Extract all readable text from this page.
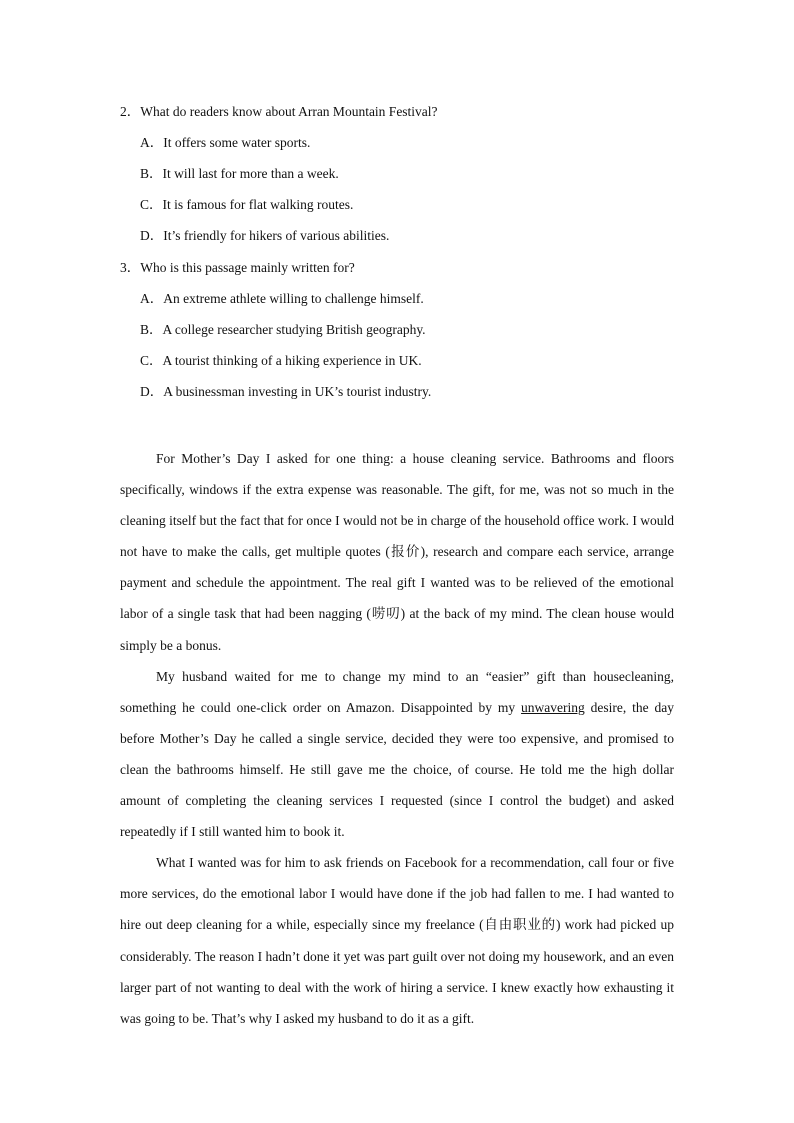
2．What do readers know about Arran Mountain Festival?
A．It offers some water sports.
B．It will last for more than a week.
C．It is famous for flat walking routes.
D．It’s friendly for hikers of various abilities.
3．Who is this passage mainly written for?
A．An extreme athlete willing to challenge himself.
B．A college researcher studying British geography.
C．A tourist thinking of a hiking experience in UK.
D．A businessman investing in UK’s tourist industry.

For Mother’s Day I asked for one thing: a house cleaning service. Bathrooms and floors specifically, windows if the extra expense was reasonable. The gift, for me, was not so much in the cleaning itself but the fact that for once I would not be in charge of the household office work. I would not have to make the calls, get multiple quotes (报价), research and compare each service, arrange payment and schedule the appointment. The real gift I wanted was to be relieved of the emotional labor of a single task that had been nagging (唠叨) at the back of my mind. The clean house would simply be a bonus.

My husband waited for me to change my mind to an “easier” gift than housecleaning, something he could one-click order on Amazon. Disappointed by my unwavering desire, the day before Mother’s Day he called a single service, decided they were too expensive, and promised to clean the bathrooms himself. He still gave me the choice, of course. He told me the high dollar amount of completing the cleaning services I requested (since I control the budget) and asked repeatedly if I still wanted him to book it.

What I wanted was for him to ask friends on Facebook for a recommendation, call four or five more services, do the emotional labor I would have done if the job had fallen to me. I had wanted to hire out deep cleaning for a while, especially since my freelance (自由职业的) work had picked up considerably. The reason I hadn’t done it yet was part guilt over not doing my housework, and an even larger part of not wanting to deal with the work of hiring a service. I knew exactly how exhausting it was going to be. That’s why I asked my husband to do it as a gift.
